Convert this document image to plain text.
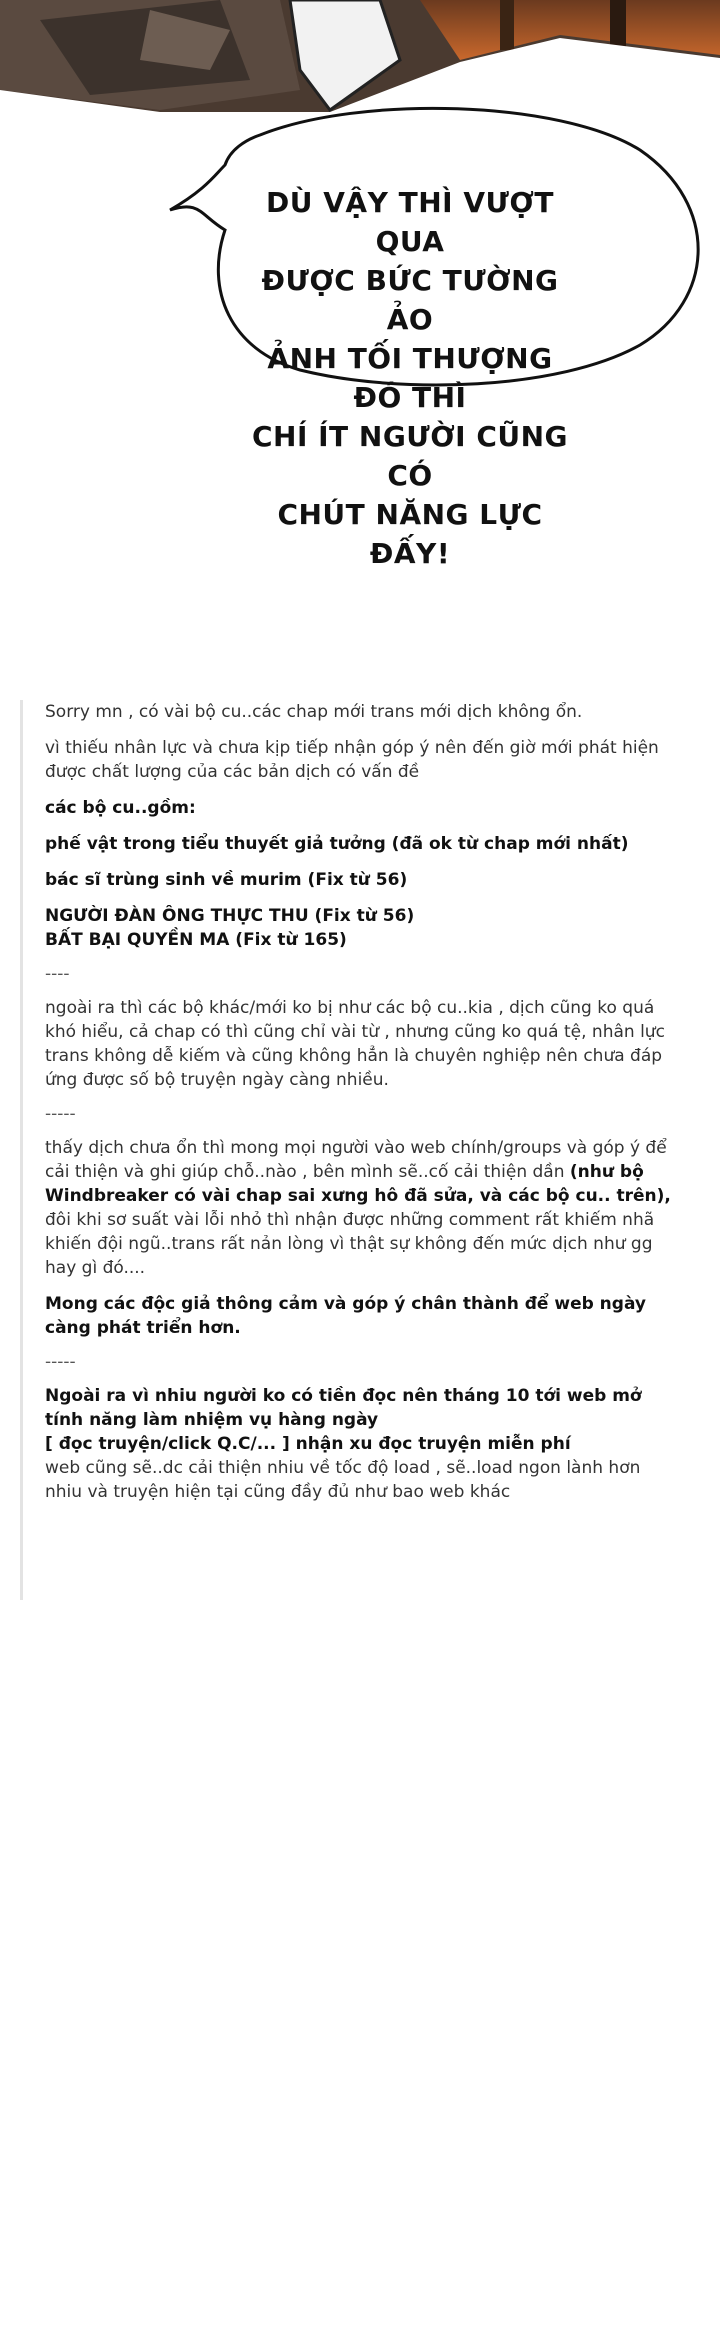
DÙ VẬY THÌ VƯỢT QUA
ĐƯỢC BỨC TƯỜNG ẢO
ẢNH TỐI THƯỢNG ĐÓ THÌ
CHÍ ÍT NGƯỜI CŨNG CÓ
CHÚT NĂNG LỰC ĐẤY!

Sorry mn , có vài bộ cu..các chap mới trans mới dịch không ổn.

vì thiếu nhân lực và chưa kịp tiếp nhận góp ý nên đến giờ mới phát hiện được chất lượng của các bản dịch có vấn đề

các bộ cu..gồm:

phế vật trong tiểu thuyết giả tưởng (đã ok từ chap mới nhất)

bác sĩ trùng sinh về murim (Fix từ 56)

NGƯỜI ĐÀN ÔNG THỰC THU (Fix từ 56)
BẤT BẠI QUYỀN MA (Fix từ 165)

----

ngoài ra thì các bộ khác/mới ko bị như các bộ cu..kia , dịch cũng ko quá khó hiểu, cả chap có thì cũng chỉ vài từ , nhưng cũng ko quá tệ, nhân lực trans không dễ kiếm và cũng không hẳn là chuyên nghiệp nên chưa đáp ứng được số bộ truyện ngày càng nhiều.

-----

thấy dịch chưa ổn thì mong mọi người vào web chính/groups và góp ý để cải thiện và ghi giúp chỗ..nào , bên mình sẽ..cố cải thiện dần (như bộ Windbreaker có vài chap sai xưng hô đã sửa, và các bộ cu.. trên), đôi khi sơ suất vài lỗi nhỏ thì nhận được những comment rất khiếm nhã khiến đội ngũ..trans rất nản lòng vì thật sự không đến mức dịch như gg hay gì đó....

Mong các độc giả thông cảm và góp ý chân thành để web ngày càng phát triển hơn.

-----

Ngoài ra vì nhiu người ko có tiền đọc nên tháng 10 tới web mở tính năng làm nhiệm vụ hàng ngày
[ đọc truyện/click Q.C/... ] nhận xu đọc truyện miễn phí
web cũng sẽ..dc cải thiện nhiu về tốc độ load , sẽ..load ngon lành hơn nhiu và truyện hiện tại cũng đầy đủ như bao web khác
